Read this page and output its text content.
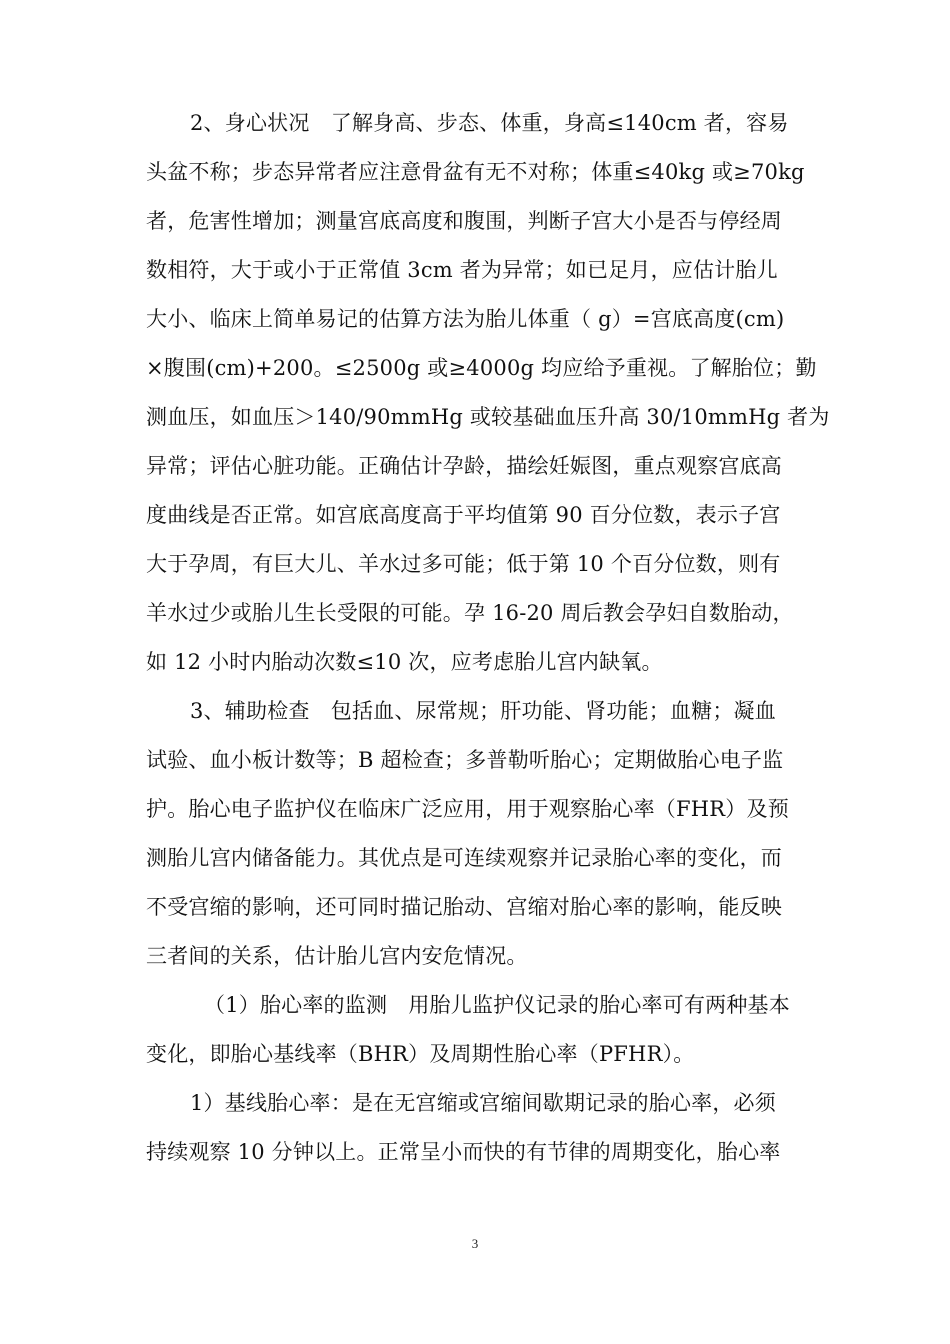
2、身心状况　了解身高、步态、体重，身高≤140cm 者，容易
头盆不称；步态异常者应注意骨盆有无不对称；体重≤40kg 或≥70kg
者，危害性增加；测量宫底高度和腹围，判断子宫大小是否与停经周
数相符，大于或小于正常值 3cm 者为异常；如已足月，应估计胎儿
大小、临床上简单易记的估算方法为胎儿体重（ g）=宫底高度(cm)
×腹围(cm)+200。≤2500g 或≥4000g 均应给予重视。了解胎位；勤
测血压，如血压＞140/90mmHg 或较基础血压升高 30/10mmHg 者为
异常；评估心脏功能。正确估计孕龄，描绘妊娠图，重点观察宫底高
度曲线是否正常。如宫底高度高于平均值第 90 百分位数，表示子宫
大于孕周，有巨大儿、羊水过多可能；低于第 10 个百分位数，则有
羊水过少或胎儿生长受限的可能。孕 16-20 周后教会孕妇自数胎动，
如 12 小时内胎动次数≤10 次，应考虑胎儿宫内缺氧。
3、辅助检查　包括血、尿常规；肝功能、肾功能；血糖；凝血
试验、血小板计数等；B 超检查；多普勒听胎心；定期做胎心电子监
护。胎心电子监护仪在临床广泛应用，用于观察胎心率（FHR）及预
测胎儿宫内储备能力。其优点是可连续观察并记录胎心率的变化，而
不受宫缩的影响，还可同时描记胎动、宫缩对胎心率的影响，能反映
三者间的关系，估计胎儿宫内安危情况。
（1）胎心率的监测　用胎儿监护仪记录的胎心率可有两种基本
变化，即胎心基线率（BHR）及周期性胎心率（PFHR）。
1）基线胎心率：是在无宫缩或宫缩间歇期记录的胎心率，必须
持续观察 10 分钟以上。正常呈小而快的有节律的周期变化，胎心率
3
